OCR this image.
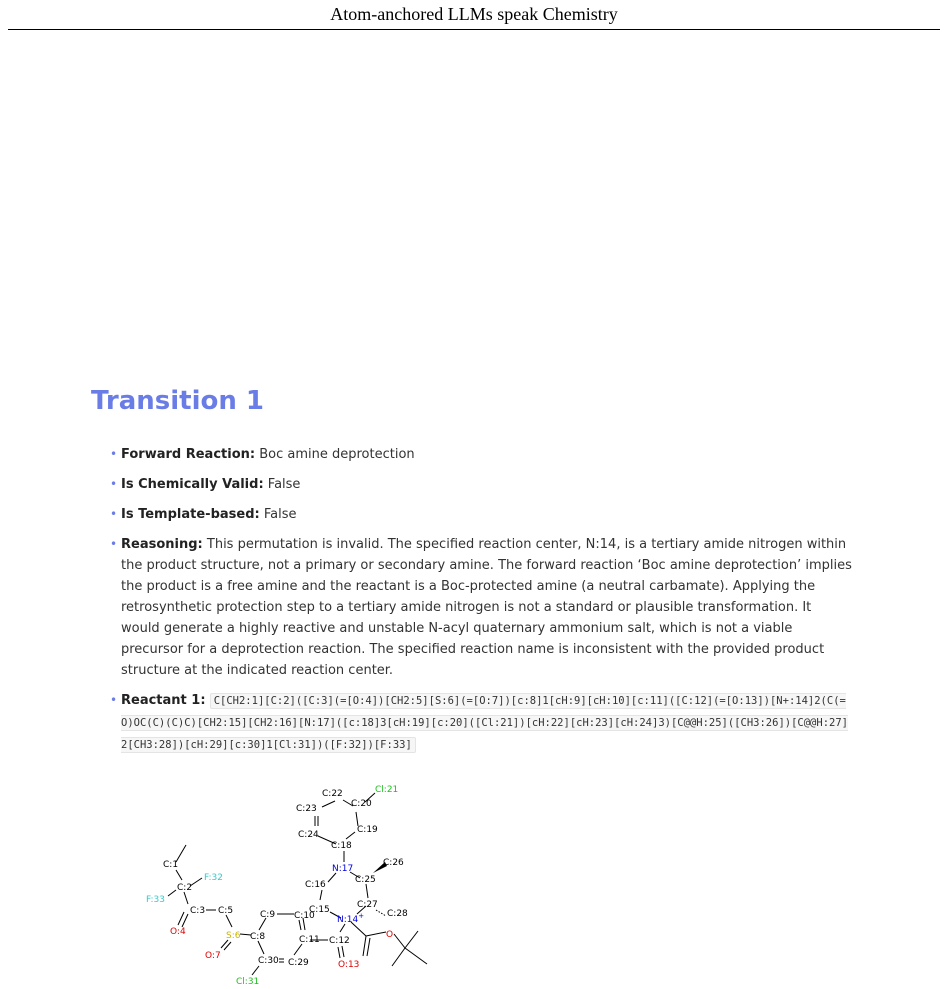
Atom-anchored LLMs speak Chemistry
Transition 1
• Forward Reaction: Boc amine deprotection
• Is Chemically Valid: False
• Is Template-based: False
• Reasoning: This permutation is invalid. The specified reaction center, N:14, is a tertiary amide nitrogen within the product structure, not a primary or secondary amine. The forward reaction ‘Boc amine deprotection’ implies the product is a free amine and the reactant is a Boc-protected amine (a neutral carbamate). Applying the retrosynthetic protection step to a tertiary amide nitrogen is not a standard or plausible transformation. It would generate a highly reactive and unstable N-acyl quaternary ammonium salt, which is not a viable precursor for a deprotection reaction. The specified reaction name is inconsistent with the provided product structure at the indicated reaction center.
• Reactant 1: C[CH2:1][C:2]([C:3](=[O:4])[CH2:5][S:6](=[O:7])[c:8]1[cH:9][cH:10][c:11]([C:12](=[O:13])[N+:14]2(C(=O)OC(C)(C)C)[CH2:15][CH2:16][N:17]([c:18]3[cH:19][c:20]([Cl:21])[cH:22][cH:23][cH:24]3)[C@@H:25]([CH3:26])[C@@H:27]2[CH3:28])[cH:29][c:30]1[Cl:31])([F:32])[F:33]
C:1
C:2
F:32
F:33
C:3 C:5
O:4	S:6
O:7
C:8
C:9 C:10
C:11 C:12
O:13
N:14+
C:15
C:16
N:17
C:18
C:19
C:20
Cl:21
C:22
C:23
C:24
C:25
C:26
C:27
C:28
C:29
C:30
Cl:31
O
